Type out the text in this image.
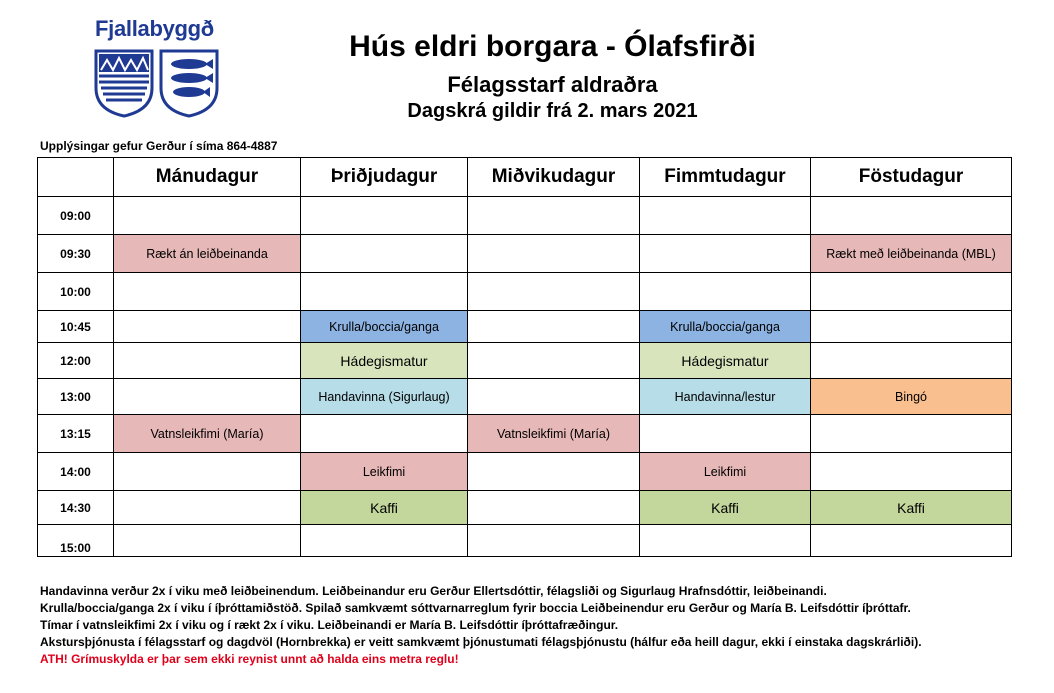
Fjallabyggð
Hús eldri borgara - Ólafsfirði
Félagsstarf aldraðra
Dagskrá gildir frá 2. mars 2021
Upplýsingar gefur Gerður í síma 864-4887
	Mánudagur	Þriðjudagur	Miðvikudagur	Fimmtudagur	Föstudagur
09:00					
09:30	Rækt án leiðbeinanda				Rækt með leiðbeinanda (MBL)
10:00					
10:45		Krulla/boccia/ganga		Krulla/boccia/ganga	
12:00		Hádegismatur		Hádegismatur	
13:00		Handavinna (Sigurlaug)		Handavinna/lestur	Bingó
13:15	Vatnsleikfimi (María)		Vatnsleikfimi (María)		
14:00		Leikfimi		Leikfimi	
14:30		Kaffi		Kaffi	Kaffi
15:00					
Handavinna verður 2x í viku með leiðbeinendum. Leiðbeinandur eru Gerður Ellertsdóttir, félagsliði og Sigurlaug Hrafnsdóttir, leiðbeinandi.
Krulla/boccia/ganga 2x í viku í íþróttamiðstöð. Spilað samkvæmt sóttvarnarreglum fyrir boccia Leiðbeinendur eru Gerður og María B. Leifsdóttir íþróttafr.
Tímar í vatnsleikfimi 2x í viku og í rækt 2x í viku. Leiðbeinandi er María B. Leifsdóttir íþróttafræðingur.
Akstursþjónusta í félagsstarf og dagdvöl (Hornbrekka) er veitt samkvæmt þjónustumati félagsþjónustu (hálfur eða heill dagur, ekki í einstaka dagskrárliði).
ATH! Grímuskylda er þar sem ekki reynist unnt að halda eins metra reglu!
